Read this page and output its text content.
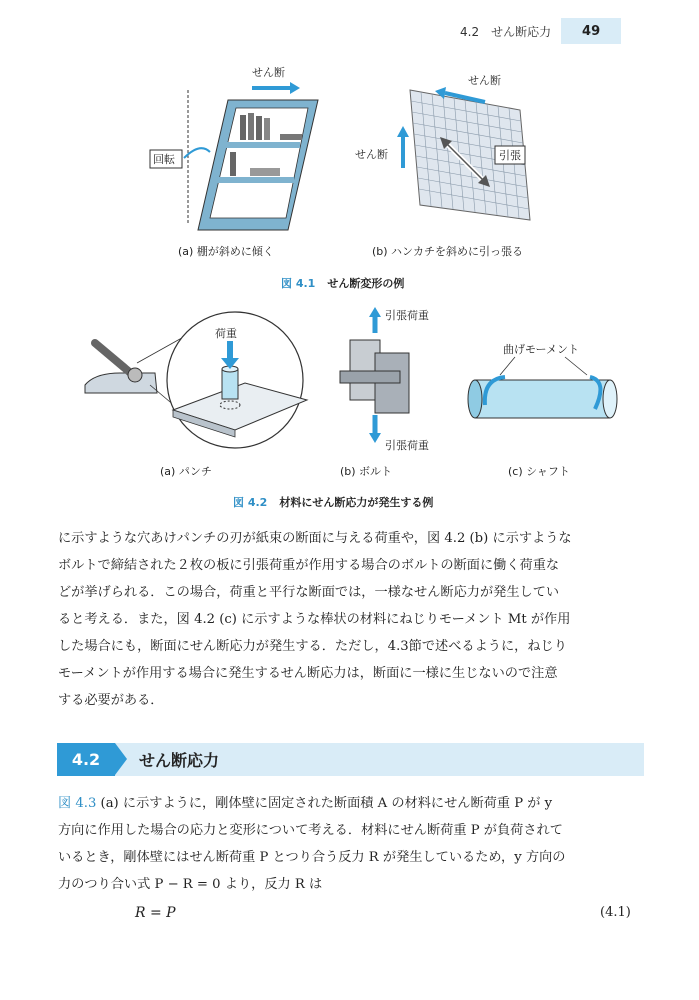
4.2　せん断応力	49
せん断
回転
せん断
せん断	引張
(a) 棚が斜めに傾く	(b) ハンカチを斜めに引っ張る
図 4.1 せん断変形の例
荷重
引張荷重
引張荷重
曲げモーメント
(a) パンチ	(b) ボルト	(c) シャフト
図 4.2 材料にせん断応力が発生する例

に示すような穴あけパンチの刃が紙束の断面に与える荷重や，図 4.2 (b) に示すような

ボルトで締結された２枚の板に引張荷重が作用する場合のボルトの断面に働く荷重な

どが挙げられる．この場合，荷重と平行な断面では，一様なせん断応力が発生してい

ると考える．また，図 4.2 (c) に示すような棒状の材料にねじりモーメント Mt が作用

した場合にも，断面にせん断応力が発生する．ただし，4.3節で述べるように，ねじり

モーメントが作用する場合に発生するせん断応力は，断面に一様に生じないので注意

する必要がある．

4.2	せん断応力

図 4.3 (a) に示すように，剛体壁に固定された断面積 A の材料にせん断荷重 P が y

方向に作用した場合の応力と変形について考える．材料にせん断荷重 P が負荷されて

いるとき，剛体壁にはせん断荷重 P とつり合う反力 R が発生しているため，y 方向の

力のつり合い式 P − R = 0 より，反力 R は

R = P	(4.1)
